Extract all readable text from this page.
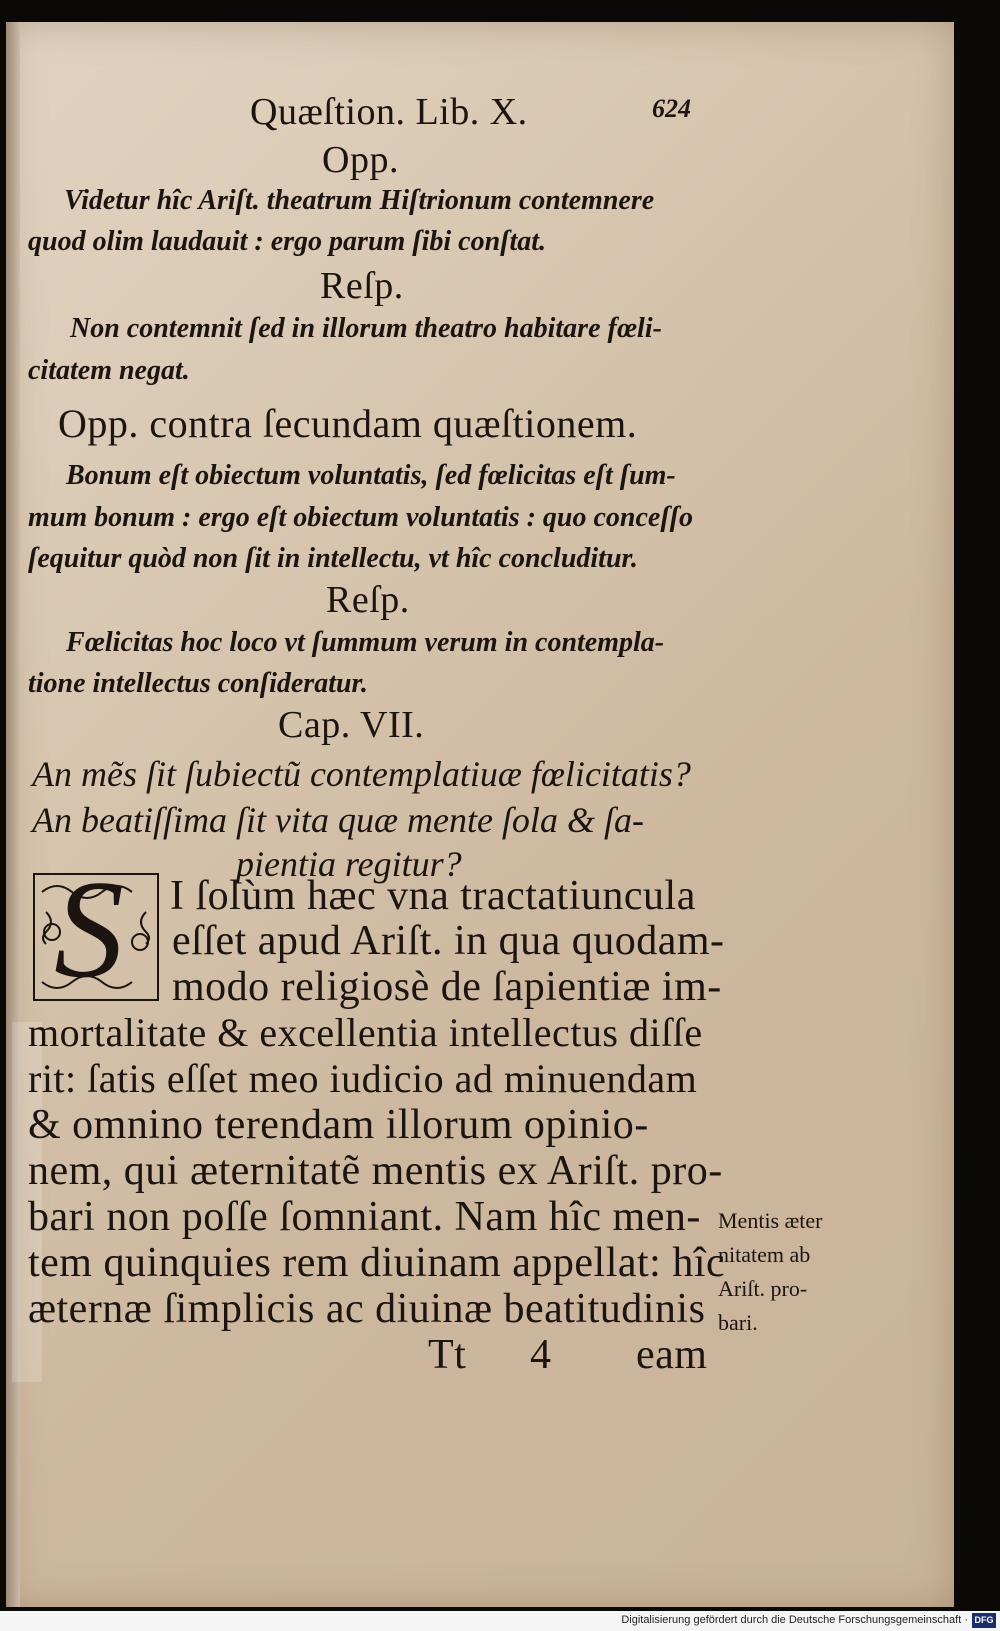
Quæſtion. Lib. X.	624
Opp.
Videtur hîc Ariſt. theatrum Hiſtrionum contemnere
quod olim laudauit : ergo parum ſibi conſtat.
Reſp.
Non contemnit ſed in illorum theatro habitare fœli-
citatem negat.
Opp. contra ſecundam quæſtionem.
Bonum eſt obiectum voluntatis, ſed fœlicitas eſt ſum-
mum bonum : ergo eſt obiectum voluntatis : quo conceſſo
ſequitur quòd non ſit in intellectu, vt hîc concluditur.
Reſp.
Fœlicitas hoc loco vt ſummum verum in contempla-
tione intellectus conſideratur.
Cap. VII.
An mẽs ſit ſubiectũ contemplatiuæ fœlicitatis?
An beatiſſima ſit vita quæ mente ſola & ſa-
pientia regitur?
S I ſolùm hæc vna tractatiuncula
eſſet apud Ariſt. in qua quodam-
modo religiosè de ſapientiæ im-
mortalitate & excellentia intellectus diſſe
rit: ſatis eſſet meo iudicio ad minuendam
& omnino terendam illorum opinio-
nem, qui æternitatẽ mentis ex Ariſt. pro-
bari non poſſe ſomniant. Nam hîc men-
tem quinquies rem diuinam appellat: hîc
æternæ ſimplicis ac diuinæ beatitudinis
Tt 4 eam
Mentis æter
nitatem ab
Ariſt. pro-
bari.
Digitalisierung gefördert durch die Deutsche Forschungsgemeinschaft · DFG
